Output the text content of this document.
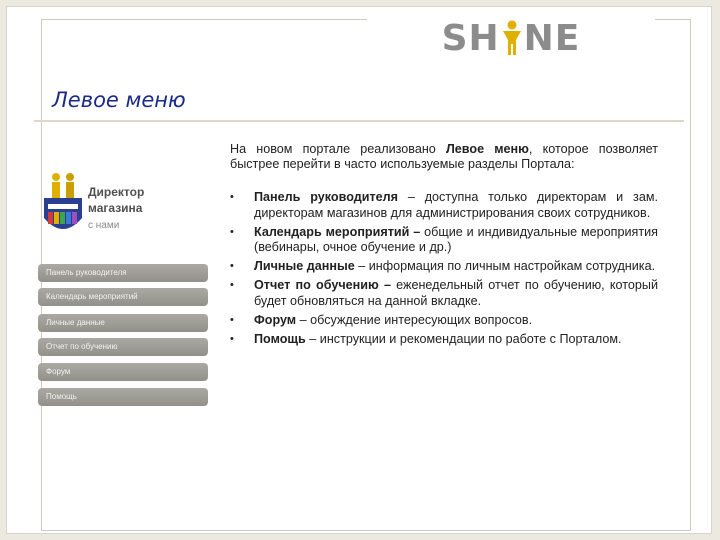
SH NE
Левое меню
Директор
магазина
с нами
Панель руководителя
Календарь мероприятий
Личные данные
Отчет по обучению
Форум
Помощь

На новом портале реализовано Левое меню, которое позволяет быстрее перейти в часто используемые разделы Портала:

• Панель руководителя – доступна только директорам и зам. директорам магазинов для администрирования своих сотрудников.
• Календарь мероприятий – общие и индивидуальные мероприятия (вебинары, очное обучение и др.)
• Личные данные – информация по личным настройкам сотрудника.
• Отчет по обучению – еженедельный отчет по обучению, который будет обновляться на данной вкладке.
• Форум – обсуждение интересующих вопросов.
• Помощь – инструкции и рекомендации по работе с Порталом.
